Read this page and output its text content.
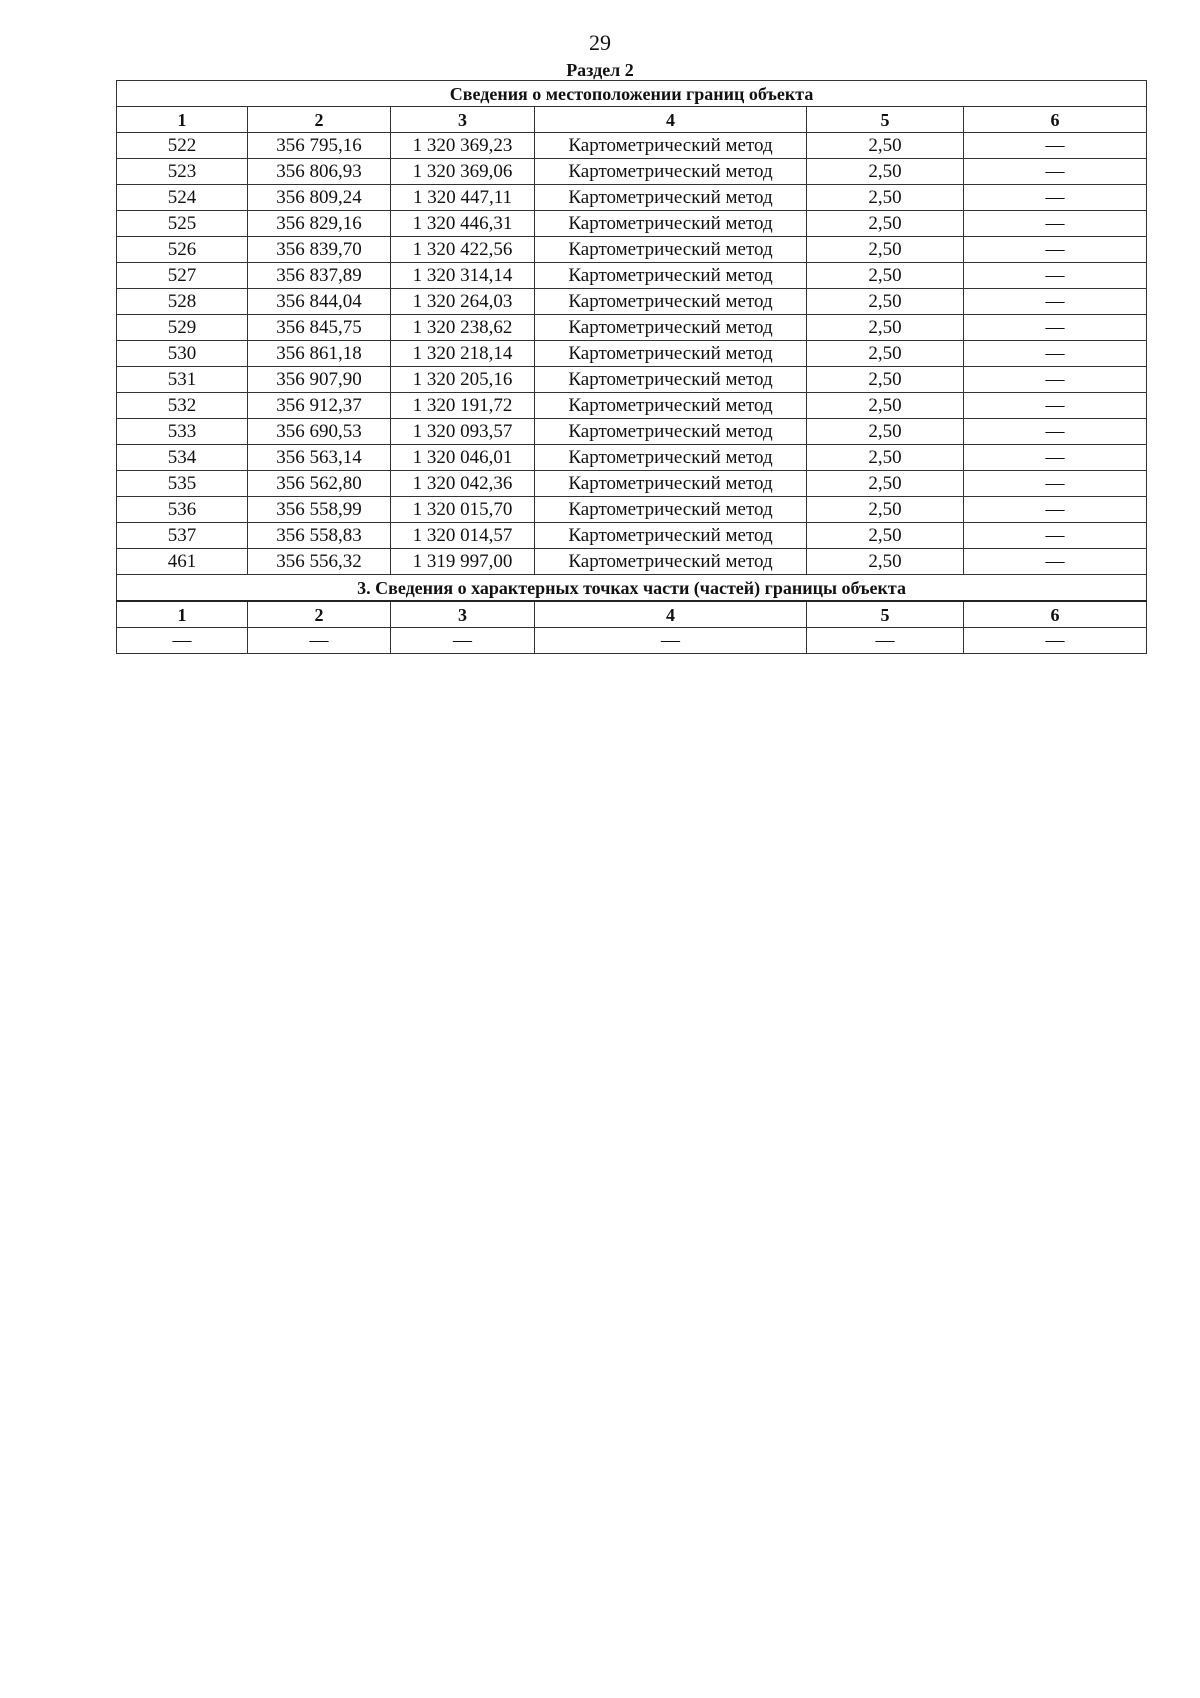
29
Раздел 2
Сведения о местоположении границ объекта					
1	2	3	4	5	6
522	356 795,16	1 320 369,23	Картометрический метод	2,50	—
523	356 806,93	1 320 369,06	Картометрический метод	2,50	—
524	356 809,24	1 320 447,11	Картометрический метод	2,50	—
525	356 829,16	1 320 446,31	Картометрический метод	2,50	—
526	356 839,70	1 320 422,56	Картометрический метод	2,50	—
527	356 837,89	1 320 314,14	Картометрический метод	2,50	—
528	356 844,04	1 320 264,03	Картометрический метод	2,50	—
529	356 845,75	1 320 238,62	Картометрический метод	2,50	—
530	356 861,18	1 320 218,14	Картометрический метод	2,50	—
531	356 907,90	1 320 205,16	Картометрический метод	2,50	—
532	356 912,37	1 320 191,72	Картометрический метод	2,50	—
533	356 690,53	1 320 093,57	Картометрический метод	2,50	—
534	356 563,14	1 320 046,01	Картометрический метод	2,50	—
535	356 562,80	1 320 042,36	Картометрический метод	2,50	—
536	356 558,99	1 320 015,70	Картометрический метод	2,50	—
537	356 558,83	1 320 014,57	Картометрический метод	2,50	—
461	356 556,32	1 319 997,00	Картометрический метод	2,50	—
3. Сведения о характерных точках части (частей) границы объекта					
1	2	3	4	5	6
—	—	—	—	—	—
